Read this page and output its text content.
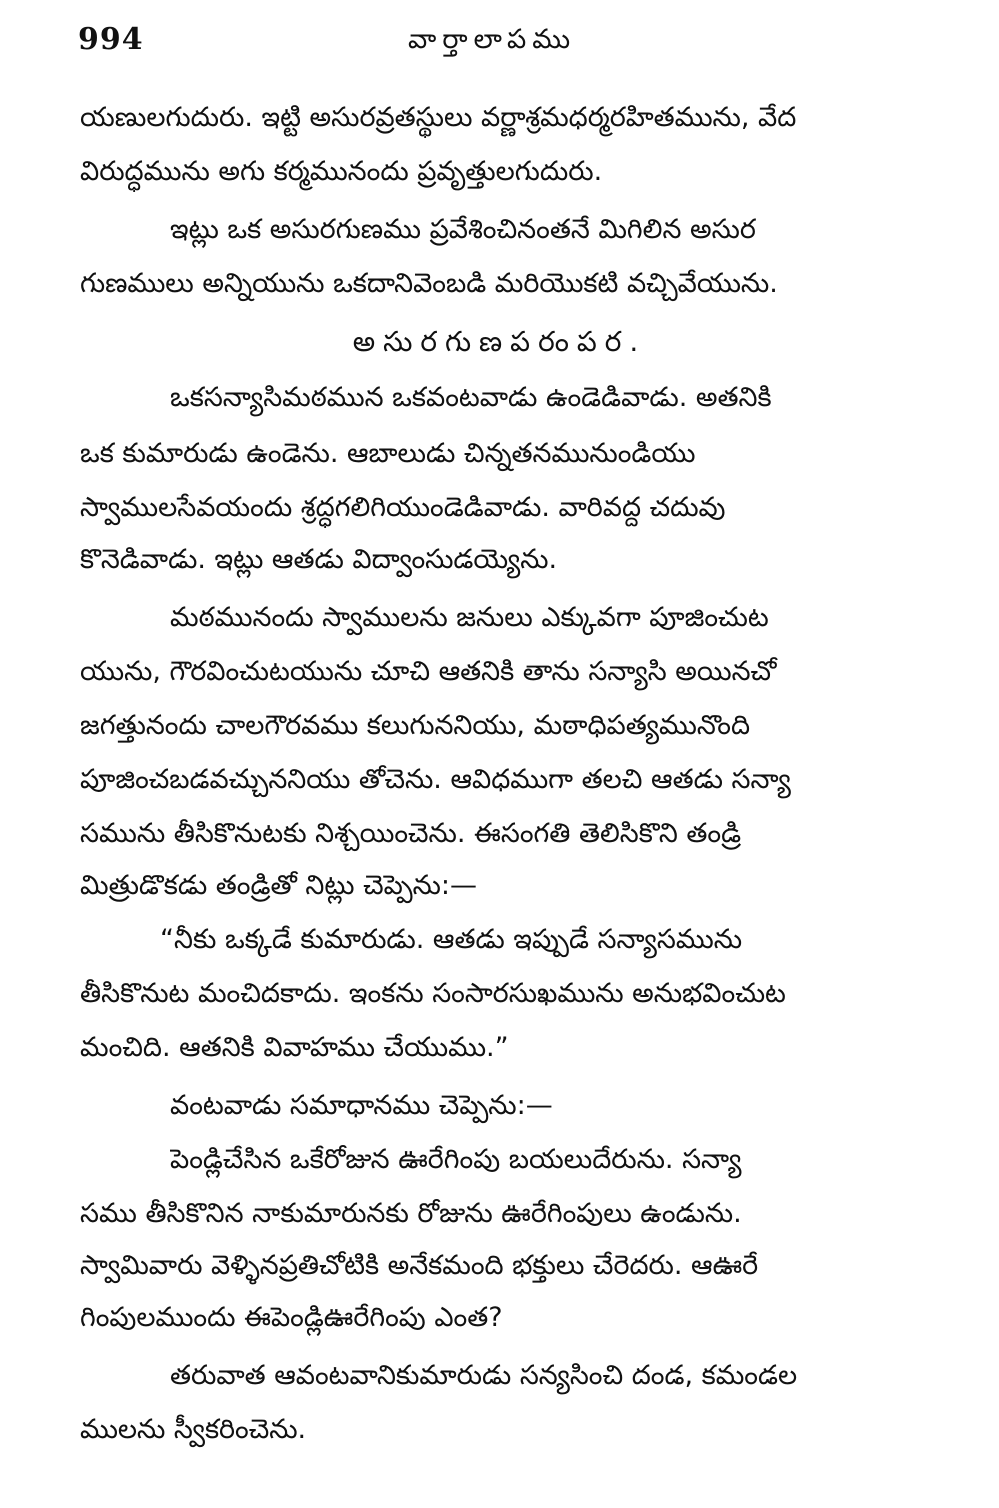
994	వార్తాలాపము
యణులగుదురు. ఇట్టి అసురవ్రతస్థులు వర్ణాశ్రమధర్మరహితమును, వేద
విరుద్ధమును అగు కర్మమునందు ప్రవృత్తులగుదురు.
ఇట్లు ఒక అసురగుణము ప్రవేశించినంతనే మిగిలిన అసుర
గుణములు అన్నియును ఒకదానివెంబడి మరియొకటి వచ్చివేయును.
అసురగుణపరంపర.
ఒకసన్యాసిమఠమున ఒకవంటవాడు ఉండెడివాడు. అతనికి
ఒక కుమారుడు ఉండెను. ఆబాలుడు చిన్నతనమునుండియు
స్వాములసేవయందు శ్రద్ధగలిగియుండెడివాడు. వారివద్ద చదువు
కొనెడివాడు. ఇట్లు ఆతడు విద్వాంసుడయ్యెను.
మఠమునందు స్వాములను జనులు ఎక్కువగా పూజించుట
యును, గౌరవించుటయును చూచి ఆతనికి తాను సన్యాసి అయినచో
జగత్తునందు చాలగౌరవము కలుగుననియు, మఠాధిపత్యమునొంది
పూజించబడవచ్చుననియు తోచెను. ఆవిధముగా తలచి ఆతడు సన్యా
సమును తీసికొనుటకు నిశ్చయించెను. ఈసంగతి తెలిసికొని తండ్రి
మిత్రుడొకడు తండ్రితో నిట్లు చెప్పెను:—
“నీకు ఒక్కడే కుమారుడు. ఆతడు ఇప్పుడే సన్యాసమును
తీసికొనుట మంచిదకాదు. ఇంకను సంసారసుఖమును అనుభవించుట
మంచిది. ఆతనికి వివాహము చేయుము.”
వంటవాడు సమాధానము చెప్పెను:—
పెండ్లిచేసిన ఒకేరోజున ఊరేగింపు బయలుదేరును. సన్యా
సము తీసికొనిన నాకుమారునకు రోజును ఊరేగింపులు ఉండును.
స్వామివారు వెళ్ళినప్రతిచోటికి అనేకమంది భక్తులు చేరెదరు. ఆఊరే
గింపులముందు ఈపెండ్లిఊరేగింపు ఎంత?
తరువాత ఆవంటవానికుమారుడు సన్యసించి దండ, కమండల
ములను స్వీకరించెను.
